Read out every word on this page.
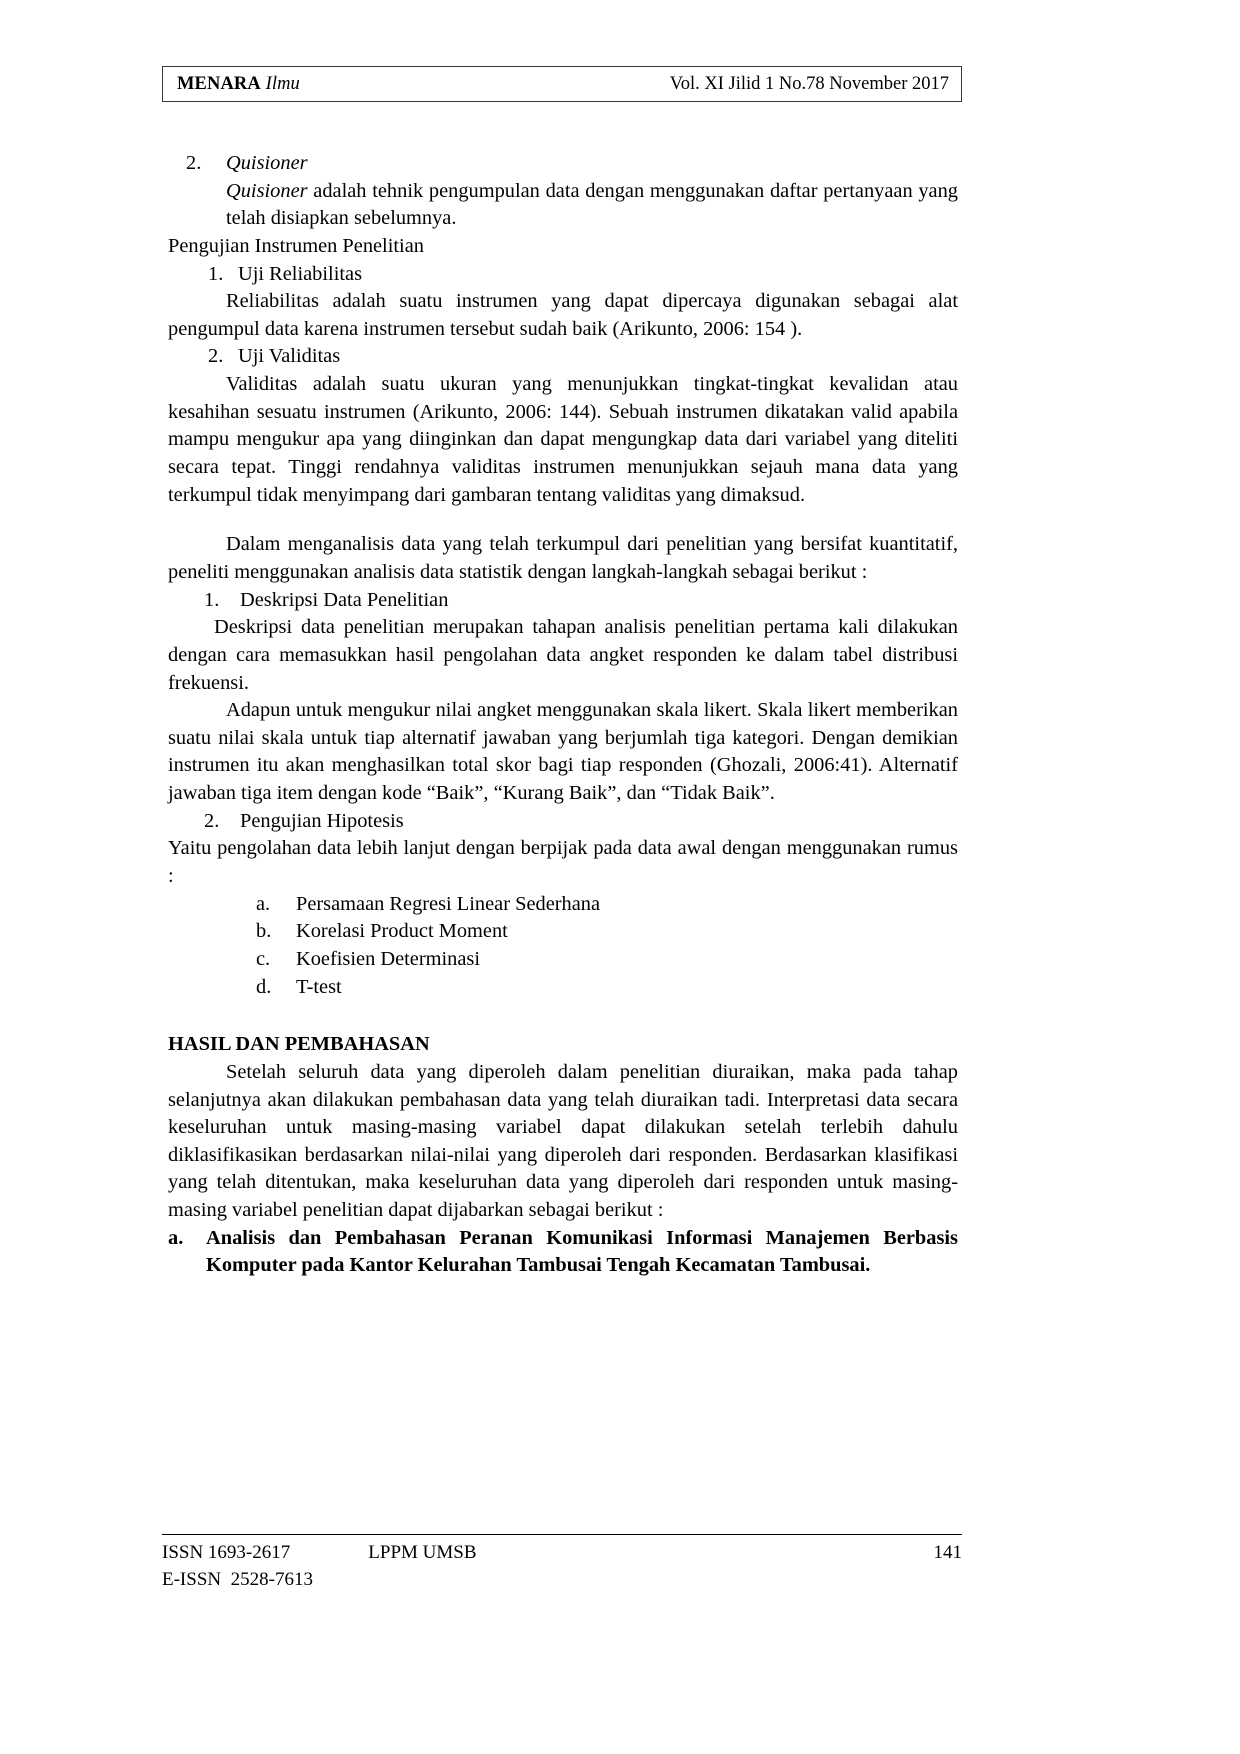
MENARA Ilmu	Vol. XI Jilid 1 No.78 November 2017
2.	Quisioner

Quisioner adalah tehnik pengumpulan data dengan menggunakan daftar pertanyaan yang telah disiapkan sebelumnya.

Pengujian Instrumen Penelitian

1. Uji Reliabilitas

Reliabilitas adalah suatu instrumen yang dapat dipercaya digunakan sebagai alat pengumpul data karena instrumen tersebut sudah baik (Arikunto, 2006: 154 ).

2. Uji Validitas

Validitas adalah suatu ukuran yang menunjukkan tingkat-tingkat kevalidan atau kesahihan sesuatu instrumen (Arikunto, 2006: 144). Sebuah instrumen dikatakan valid apabila mampu mengukur apa yang diinginkan dan dapat mengungkap data dari variabel yang diteliti secara tepat. Tinggi rendahnya validitas instrumen menunjukkan sejauh mana data yang terkumpul tidak menyimpang dari gambaran tentang validitas yang dimaksud.

Dalam menganalisis data yang telah terkumpul dari penelitian yang bersifat kuantitatif, peneliti menggunakan analisis data statistik dengan langkah-langkah sebagai berikut :

1.	Deskripsi Data Penelitian

Deskripsi data penelitian merupakan tahapan analisis penelitian pertama kali dilakukan dengan cara memasukkan hasil pengolahan data angket responden ke dalam tabel distribusi frekuensi.

Adapun untuk mengukur nilai angket menggunakan skala likert. Skala likert memberikan suatu nilai skala untuk tiap alternatif jawaban yang berjumlah tiga kategori. Dengan demikian instrumen itu akan menghasilkan total skor bagi tiap responden (Ghozali, 2006:41). Alternatif jawaban tiga item dengan kode “Baik”, “Kurang Baik”, dan “Tidak Baik”.

2.	Pengujian Hipotesis

Yaitu pengolahan data lebih lanjut dengan berpijak pada data awal dengan menggunakan rumus :

a.	Persamaan Regresi Linear Sederhana
b.	Korelasi Product Moment
c.	Koefisien Determinasi
d.	T-test

HASIL DAN PEMBAHASAN

Setelah seluruh data yang diperoleh dalam penelitian diuraikan, maka pada tahap selanjutnya akan dilakukan pembahasan data yang telah diuraikan tadi. Interpretasi data secara keseluruhan untuk masing-masing variabel dapat dilakukan setelah terlebih dahulu diklasifikasikan berdasarkan nilai-nilai yang diperoleh dari responden. Berdasarkan klasifikasi yang telah ditentukan, maka keseluruhan data yang diperoleh dari responden untuk masing-masing variabel penelitian dapat dijabarkan sebagai berikut :

a.	Analisis dan Pembahasan Peranan Komunikasi Informasi Manajemen Berbasis Komputer pada Kantor Kelurahan Tambusai Tengah Kecamatan Tambusai.
ISSN 1693-2617	LPPM UMSB	141
E-ISSN  2528-7613
